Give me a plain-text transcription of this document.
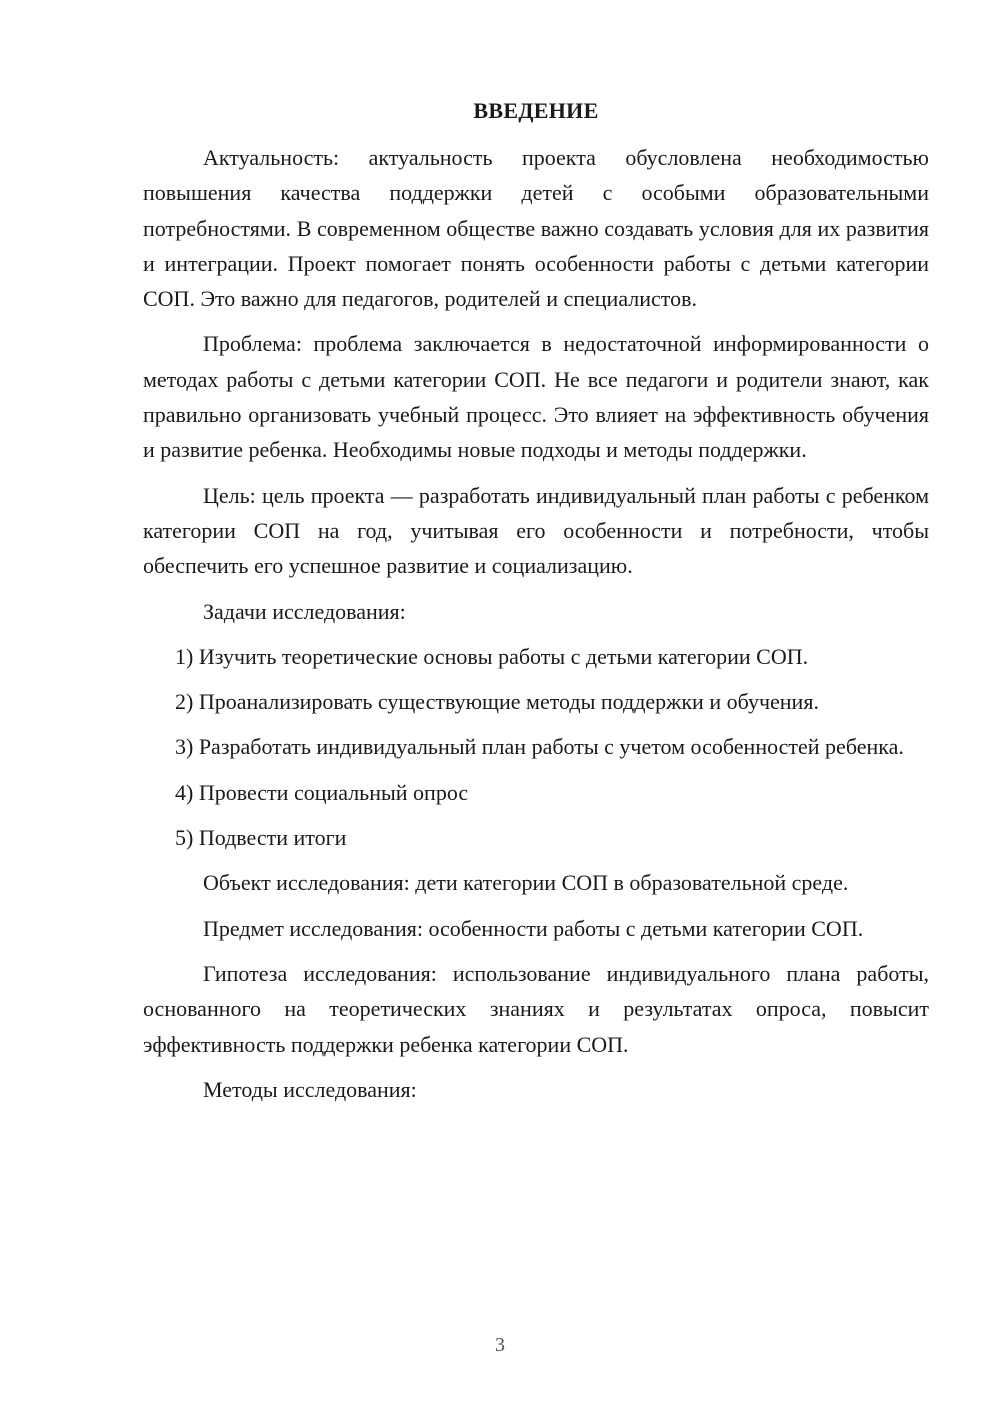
ВВЕДЕНИЕ

Актуальность: актуальность проекта обусловлена необходимостью повышения качества поддержки детей с особыми образовательными потребностями. В современном обществе важно создавать условия для их развития и интеграции. Проект помогает понять особенности работы с детьми категории СОП. Это важно для педагогов, родителей и специалистов.

Проблема: проблема заключается в недостаточной информированности о методах работы с детьми категории СОП. Не все педагоги и родители знают, как правильно организовать учебный процесс. Это влияет на эффективность обучения и развитие ребенка. Необходимы новые подходы и методы поддержки.

Цель: цель проекта — разработать индивидуальный план работы с ребенком категории СОП на год, учитывая его особенности и потребности, чтобы обеспечить его успешное развитие и социализацию.

Задачи исследования:

1) Изучить теоретические основы работы с детьми категории СОП.

2) Проанализировать существующие методы поддержки и обучения.

3) Разработать индивидуальный план работы с учетом особенностей ребенка.

4) Провести социальный опрос

5) Подвести итоги

Объект исследования: дети категории СОП в образовательной среде.

Предмет исследования: особенности работы с детьми категории СОП.

Гипотеза исследования: использование индивидуального плана работы, основанного на теоретических знаниях и результатах опроса, повысит эффективность поддержки ребенка категории СОП.

Методы исследования:

3
